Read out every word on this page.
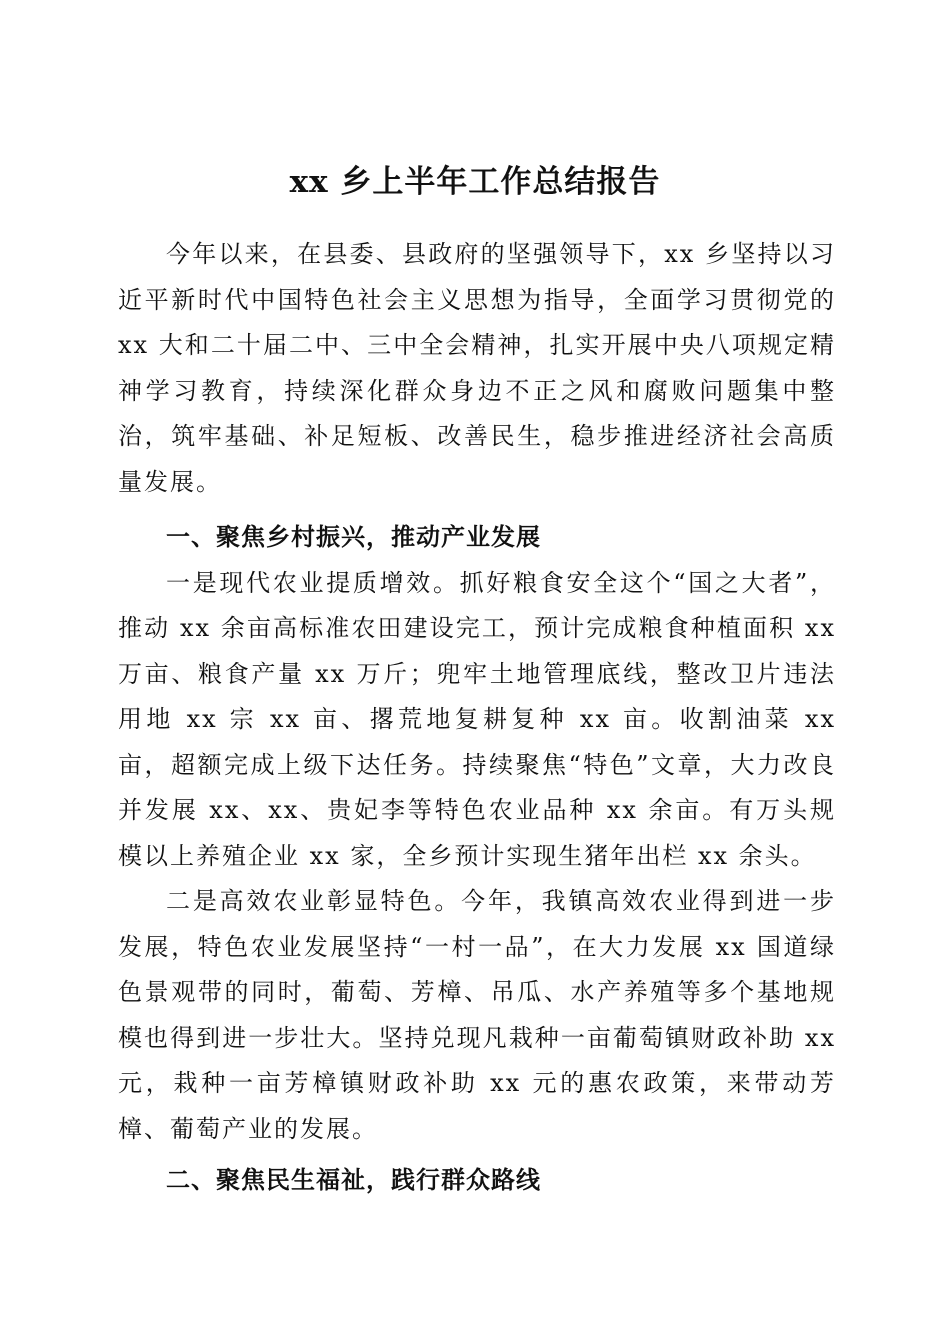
xx 乡上半年工作总结报告

今年以来，在县委、县政府的坚强领导下，xx 乡坚持以习近平新时代中国特色社会主义思想为指导，全面学习贯彻党的 xx 大和二十届二中、三中全会精神，扎实开展中央八项规定精神学习教育，持续深化群众身边不正之风和腐败问题集中整治，筑牢基础、补足短板、改善民生，稳步推进经济社会高质量发展。

一、聚焦乡村振兴，推动产业发展

一是现代农业提质增效。抓好粮食安全这个“国之大者”，推动 xx 余亩高标准农田建设完工，预计完成粮食种植面积 xx 万亩、粮食产量 xx 万斤；兜牢土地管理底线，整改卫片违法用地 xx 宗 xx 亩、撂荒地复耕复种 xx 亩。收割油菜 xx 亩，超额完成上级下达任务。持续聚焦“特色”文章，大力改良并发展 xx、xx、贵妃李等特色农业品种 xx 余亩。有万头规模以上养殖企业 xx 家，全乡预计实现生猪年出栏 xx 余头。

二是高效农业彰显特色。今年，我镇高效农业得到进一步发展，特色农业发展坚持“一村一品”，在大力发展 xx 国道绿色景观带的同时，葡萄、芳樟、吊瓜、水产养殖等多个基地规模也得到进一步壮大。坚持兑现凡栽种一亩葡萄镇财政补助 xx 元，栽种一亩芳樟镇财政补助 xx 元的惠农政策，来带动芳樟、葡萄产业的发展。

二、聚焦民生福祉，践行群众路线
